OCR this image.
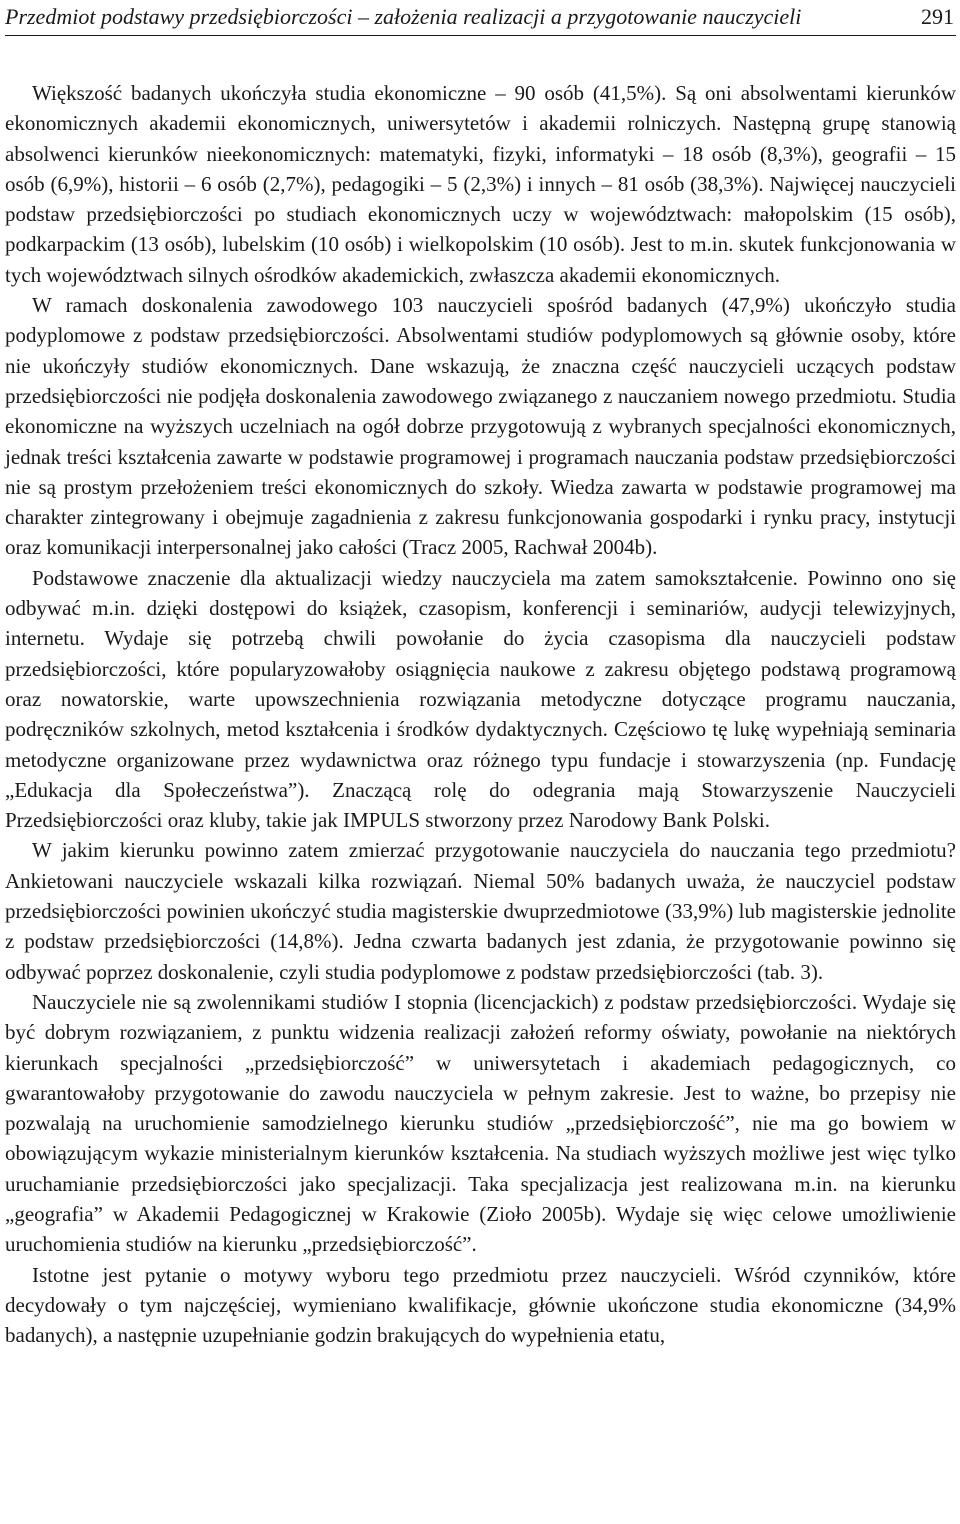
Przedmiot podstawy przedsiębiorczości – założenia realizacji a przygotowanie nauczycieli	291

Większość badanych ukończyła studia ekonomiczne – 90 osób (41,5%). Są oni absolwentami kierunków ekonomicznych akademii ekonomicznych, uniwersytetów i akademii rolniczych. Następną grupę stanowią absolwenci kierunków nieekonomicznych: matematyki, fizyki, informatyki – 18 osób (8,3%), geografii – 15 osób (6,9%), historii – 6 osób (2,7%), pedagogiki – 5 (2,3%) i innych – 81 osób (38,3%). Najwięcej nauczycieli podstaw przedsiębiorczości po studiach ekonomicznych uczy w województwach: małopolskim (15 osób), podkarpackim (13 osób), lubelskim (10 osób) i wielkopolskim (10 osób). Jest to m.in. skutek funkcjonowania w tych województwach silnych ośrodków akademickich, zwłaszcza akademii ekonomicznych.

W ramach doskonalenia zawodowego 103 nauczycieli spośród badanych (47,9%) ukończyło studia podyplomowe z podstaw przedsiębiorczości. Absolwentami studiów podyplomowych są głównie osoby, które nie ukończyły studiów ekonomicznych. Dane wskazują, że znaczna część nauczycieli uczących podstaw przedsiębiorczości nie podjęła doskonalenia zawodowego związanego z nauczaniem nowego przedmiotu. Studia ekonomiczne na wyższych uczelniach na ogół dobrze przygotowują z wybranych specjalności ekonomicznych, jednak treści kształcenia zawarte w podstawie programowej i programach nauczania podstaw przedsiębiorczości nie są prostym przełożeniem treści ekonomicznych do szkoły. Wiedza zawarta w podstawie programowej ma charakter zintegrowany i obejmuje zagadnienia z zakresu funkcjonowania gospodarki i rynku pracy, instytucji oraz komunikacji interpersonalnej jako całości (Tracz 2005, Rachwał 2004b).

Podstawowe znaczenie dla aktualizacji wiedzy nauczyciela ma zatem samokształcenie. Powinno ono się odbywać m.in. dzięki dostępowi do książek, czasopism, konferencji i seminariów, audycji telewizyjnych, internetu. Wydaje się potrzebą chwili powołanie do życia czasopisma dla nauczycieli podstaw przedsiębiorczości, które popularyzowałoby osiągnięcia naukowe z zakresu objętego podstawą programową oraz nowatorskie, warte upowszechnienia rozwiązania metodyczne dotyczące programu nauczania, podręczników szkolnych, metod kształcenia i środków dydaktycznych. Częściowo tę lukę wypełniają seminaria metodyczne organizowane przez wydawnictwa oraz różnego typu fundacje i stowarzyszenia (np. Fundację „Edukacja dla Społeczeństwa”). Znaczącą rolę do odegrania mają Stowarzyszenie Nauczycieli Przedsiębiorczości oraz kluby, takie jak IMPULS stworzony przez Narodowy Bank Polski.

W jakim kierunku powinno zatem zmierzać przygotowanie nauczyciela do nauczania tego przedmiotu? Ankietowani nauczyciele wskazali kilka rozwiązań. Niemal 50% badanych uważa, że nauczyciel podstaw przedsiębiorczości powinien ukończyć studia magisterskie dwuprzedmiotowe (33,9%) lub magisterskie jednolite z podstaw przedsiębiorczości (14,8%). Jedna czwarta badanych jest zdania, że przygotowanie powinno się odbywać poprzez doskonalenie, czyli studia podyplomowe z podstaw przedsiębiorczości (tab. 3).

Nauczyciele nie są zwolennikami studiów I stopnia (licencjackich) z podstaw przedsiębiorczości. Wydaje się być dobrym rozwiązaniem, z punktu widzenia realizacji założeń reformy oświaty, powołanie na niektórych kierunkach specjalności „przedsiębiorczość” w uniwersytetach i akademiach pedagogicznych, co gwarantowałoby przygotowanie do zawodu nauczyciela w pełnym zakresie. Jest to ważne, bo przepisy nie pozwalają na uruchomienie samodzielnego kierunku studiów „przedsiębiorczość”, nie ma go bowiem w obowiązującym wykazie ministerialnym kierunków kształcenia. Na studiach wyższych możliwe jest więc tylko uruchamianie przedsiębiorczości jako specjalizacji. Taka specjalizacja jest realizowana m.in. na kierunku „geografia” w Akademii Pedagogicznej w Krakowie (Zioło 2005b). Wydaje się więc celowe umożliwienie uruchomienia studiów na kierunku „przedsiębiorczość”.

Istotne jest pytanie o motywy wyboru tego przedmiotu przez nauczycieli. Wśród czynników, które decydowały o tym najczęściej, wymieniano kwalifikacje, głównie ukończone studia ekonomiczne (34,9% badanych), a następnie uzupełnianie godzin brakujących do wypełnienia etatu,
